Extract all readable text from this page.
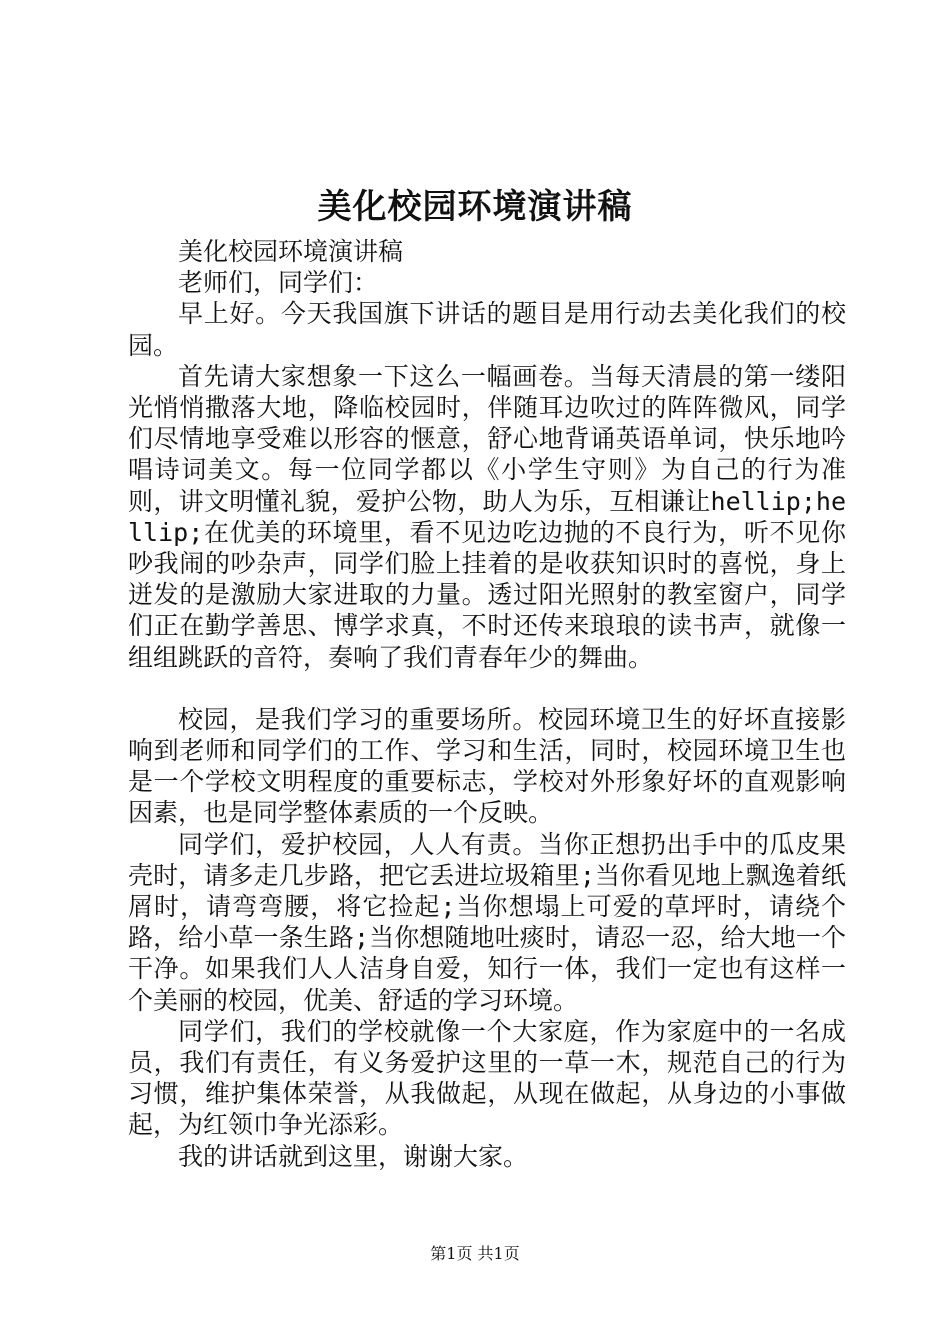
美化校园环境演讲稿

美化校园环境演讲稿

老师们，同学们：

早上好。今天我国旗下讲话的题目是用行动去美化我们的校园。

首先请大家想象一下这么一幅画卷。当每天清晨的第一缕阳光悄悄撒落大地，降临校园时，伴随耳边吹过的阵阵微风，同学们尽情地享受难以形容的惬意，舒心地背诵英语单词，快乐地吟唱诗词美文。每一位同学都以《小学生守则》为自己的行为准则，讲文明懂礼貌，爱护公物，助人为乐，互相谦让hellip;hellip;在优美的环境里，看不见边吃边抛的不良行为，听不见你吵我闹的吵杂声，同学们脸上挂着的是收获知识时的喜悦，身上迸发的是激励大家进取的力量。透过阳光照射的教室窗户，同学们正在勤学善思、博学求真，不时还传来琅琅的读书声，就像一组组跳跃的音符，奏响了我们青春年少的舞曲。

校园，是我们学习的重要场所。校园环境卫生的好坏直接影响到老师和同学们的工作、学习和生活，同时，校园环境卫生也是一个学校文明程度的重要标志，学校对外形象好坏的直观影响因素，也是同学整体素质的一个反映。

同学们，爱护校园，人人有责。当你正想扔出手中的瓜皮果壳时，请多走几步路，把它丢进垃圾箱里;当你看见地上飘逸着纸屑时，请弯弯腰，将它捡起;当你想塌上可爱的草坪时，请绕个路，给小草一条生路;当你想随地吐痰时，请忍一忍，给大地一个干净。如果我们人人洁身自爱，知行一体，我们一定也有这样一个美丽的校园，优美、舒适的学习环境。

同学们，我们的学校就像一个大家庭，作为家庭中的一名成员，我们有责任，有义务爱护这里的一草一木，规范自己的行为习惯，维护集体荣誉，从我做起，从现在做起，从身边的小事做起，为红领巾争光添彩。

我的讲话就到这里，谢谢大家。

第1页 共1页
